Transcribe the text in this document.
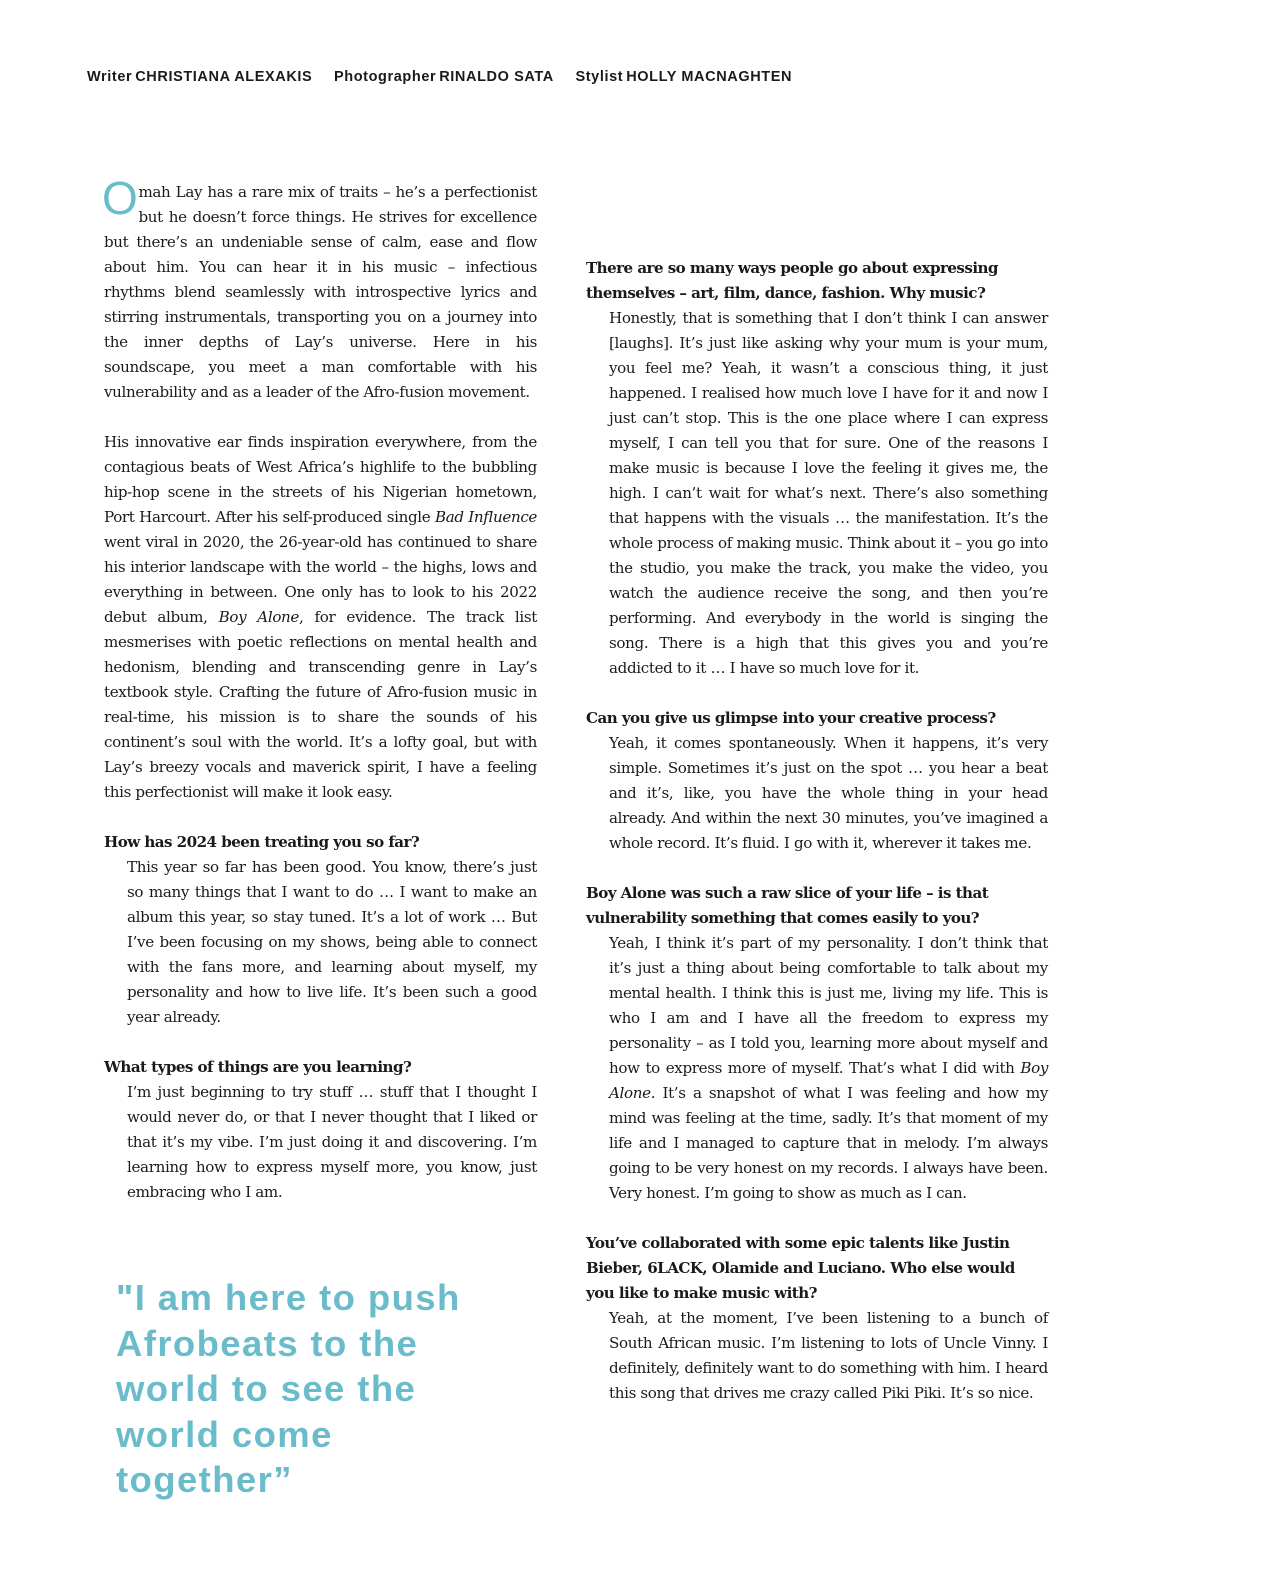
Writer CHRISTIANA ALEXAKIS Photographer RINALDO SATA Stylist HOLLY MACNAGHTEN

Omah Lay has a rare mix of traits – he’s a perfectionist but he doesn’t force things. He strives for excellence but there’s an undeniable sense of calm, ease and flow about him. You can hear it in his music – infectious rhythms blend seamlessly with introspective lyrics and stirring instrumentals, transporting you on a journey into the inner depths of Lay’s universe. Here in his soundscape, you meet a man comfortable with his vulnerability and as a leader of the Afro-fusion movement.

His innovative ear finds inspiration everywhere, from the contagious beats of West Africa’s highlife to the bubbling hip-hop scene in the streets of his Nigerian hometown, Port Harcourt. After his self-produced single Bad Influence went viral in 2020, the 26-year-old has continued to share his interior landscape with the world – the highs, lows and everything in between. One only has to look to his 2022 debut album, Boy Alone, for evidence. The track list mesmerises with poetic reflections on mental health and hedonism, blending and transcending genre in Lay’s textbook style. Crafting the future of Afro-fusion music in real-time, his mission is to share the sounds of his continent’s soul with the world. It’s a lofty goal, but with Lay’s breezy vocals and maverick spirit, I have a feeling this perfectionist will make it look easy.

How has 2024 been treating you so far?
This year so far has been good. You know, there’s just so many things that I want to do … I want to make an album this year, so stay tuned. It’s a lot of work … But I’ve been focusing on my shows, being able to connect with the fans more, and learning about myself, my personality and how to live life. It’s been such a good year already.
What types of things are you learning?
I’m just beginning to try stuff … stuff that I thought I would never do, or that I never thought that I liked or that it’s my vibe. I’m just doing it and discovering. I’m learning how to express myself more, you know, just embracing who I am.
"I am here to push Afrobeats to the world to see the world come together”
There are so many ways people go about expressing themselves – art, film, dance, fashion. Why music?
Honestly, that is something that I don’t think I can answer [laughs]. It’s just like asking why your mum is your mum, you feel me? Yeah, it wasn’t a conscious thing, it just happened. I realised how much love I have for it and now I just can’t stop. This is the one place where I can express myself, I can tell you that for sure. One of the reasons I make music is because I love the feeling it gives me, the high. I can’t wait for what’s next. There’s also something that happens with the visuals … the manifestation. It’s the whole process of making music. Think about it – you go into the studio, you make the track, you make the video, you watch the audience receive the song, and then you’re performing. And everybody in the world is singing the song. There is a high that this gives you and you’re addicted to it … I have so much love for it.
Can you give us glimpse into your creative process?
Yeah, it comes spontaneously. When it happens, it’s very simple. Sometimes it’s just on the spot … you hear a beat and it’s, like, you have the whole thing in your head already. And within the next 30 minutes, you’ve imagined a whole record. It’s fluid. I go with it, wherever it takes me.
Boy Alone was such a raw slice of your life – is that vulnerability something that comes easily to you?
Yeah, I think it’s part of my personality. I don’t think that it’s just a thing about being comfortable to talk about my mental health. I think this is just me, living my life. This is who I am and I have all the freedom to express my personality – as I told you, learning more about myself and how to express more of myself. That’s what I did with Boy Alone. It’s a snapshot of what I was feeling and how my mind was feeling at the time, sadly. It’s that moment of my life and I managed to capture that in melody. I’m always going to be very honest on my records. I always have been. Very honest. I’m going to show as much as I can.
You’ve collaborated with some epic talents like Justin Bieber, 6LACK, Olamide and Luciano. Who else would you like to make music with?
Yeah, at the moment, I’ve been listening to a bunch of South African music. I’m listening to lots of Uncle Vinny. I definitely, definitely want to do something with him. I heard this song that drives me crazy called Piki Piki. It’s so nice.
